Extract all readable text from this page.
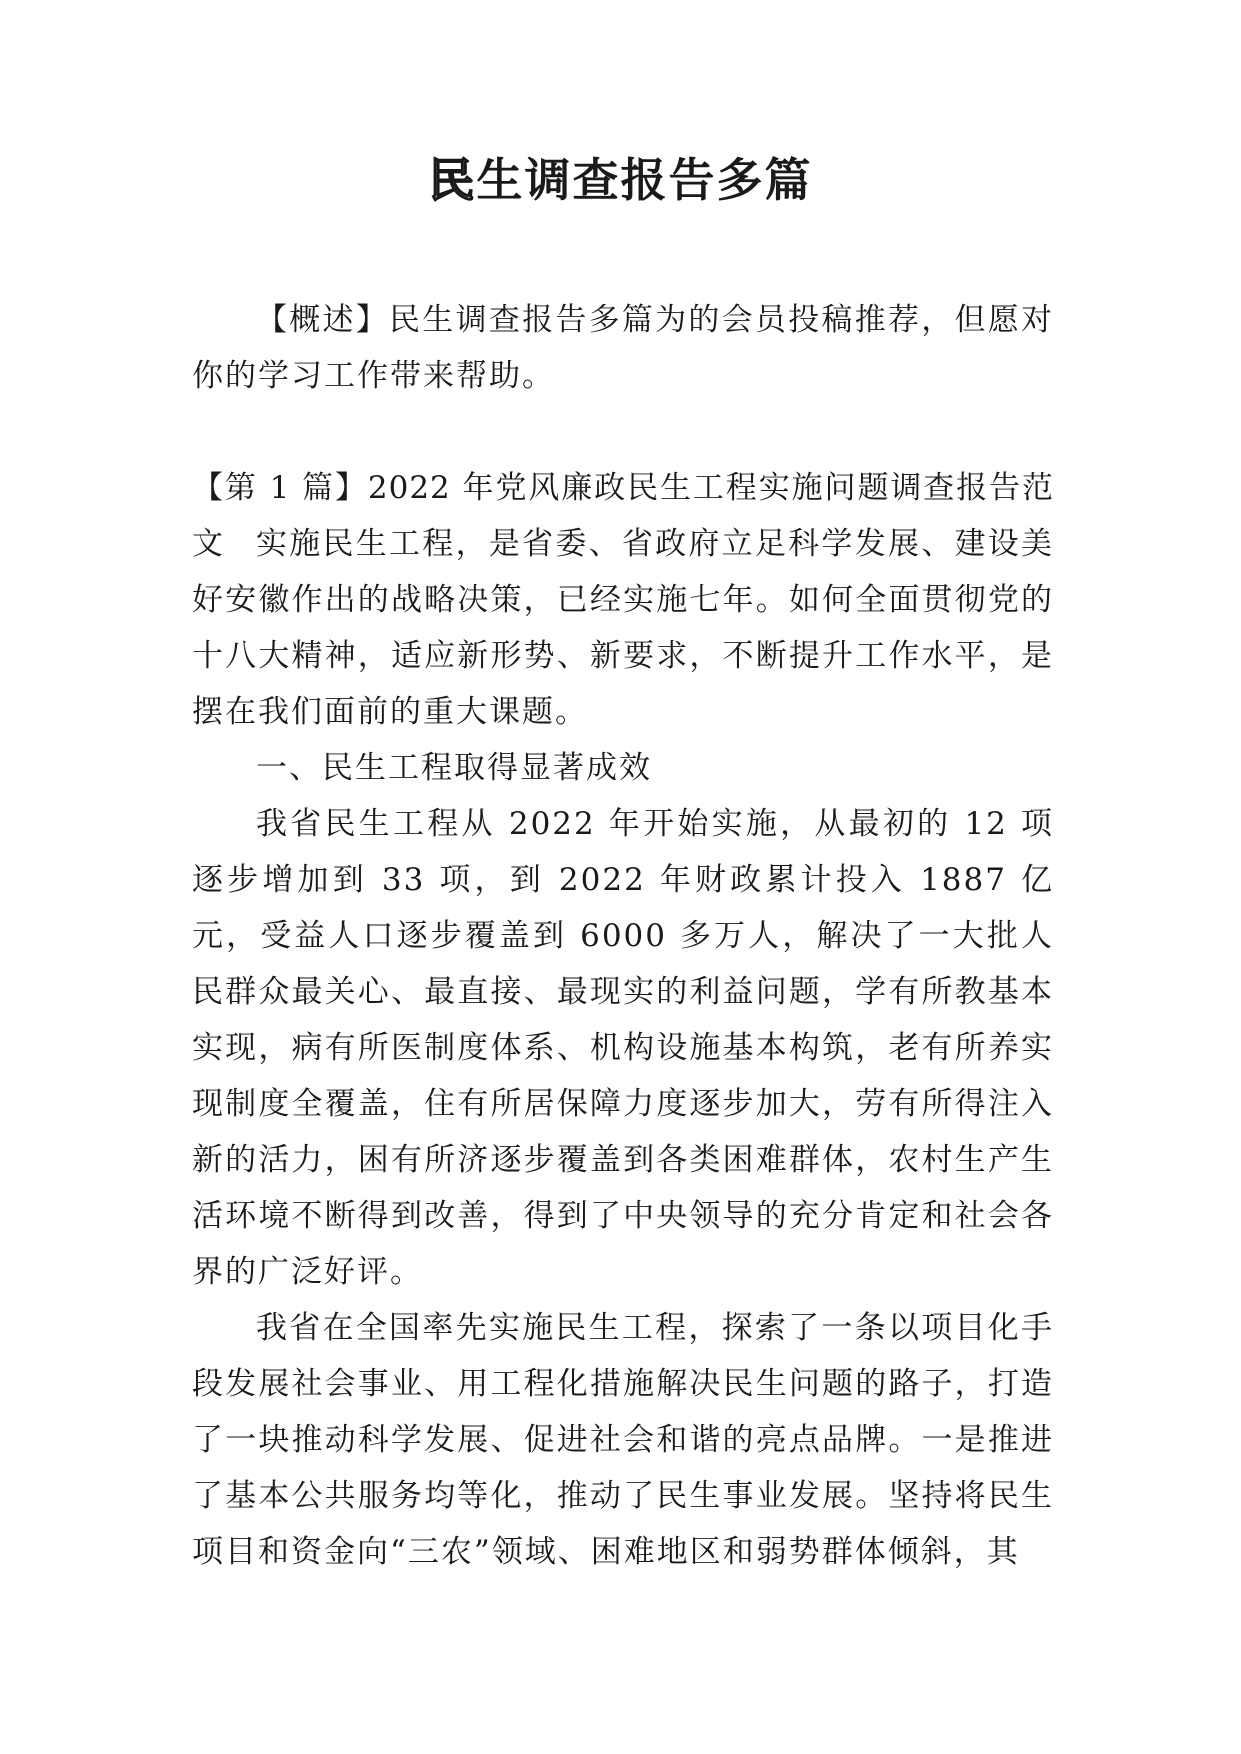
民生调查报告多篇

【概述】民生调查报告多篇为的会员投稿推荐，但愿对你的学习工作带来帮助。

【第 1 篇】2022 年党风廉政民生工程实施问题调查报告范文	实施民生工程，是省委、省政府立足科学发展、建设美好安徽作出的战略决策，已经实施七年。如何全面贯彻党的十八大精神，适应新形势、新要求，不断提升工作水平，是摆在我们面前的重大课题。

一、民生工程取得显著成效

我省民生工程从 2022 年开始实施，从最初的 12 项逐步增加到 33 项，到 2022 年财政累计投入 1887 亿元，受益人口逐步覆盖到 6000 多万人，解决了一大批人民群众最关心、最直接、最现实的利益问题，学有所教基本实现，病有所医制度体系、机构设施基本构筑，老有所养实现制度全覆盖，住有所居保障力度逐步加大，劳有所得注入新的活力，困有所济逐步覆盖到各类困难群体，农村生产生活环境不断得到改善，得到了中央领导的充分肯定和社会各界的广泛好评。

我省在全国率先实施民生工程，探索了一条以项目化手段发展社会事业、用工程化措施解决民生问题的路子，打造了一块推动科学发展、促进社会和谐的亮点品牌。一是推进了基本公共服务均等化，推动了民生事业发展。坚持将民生项目和资金向“三农”领域、困难地区和弱势群体倾斜，其
